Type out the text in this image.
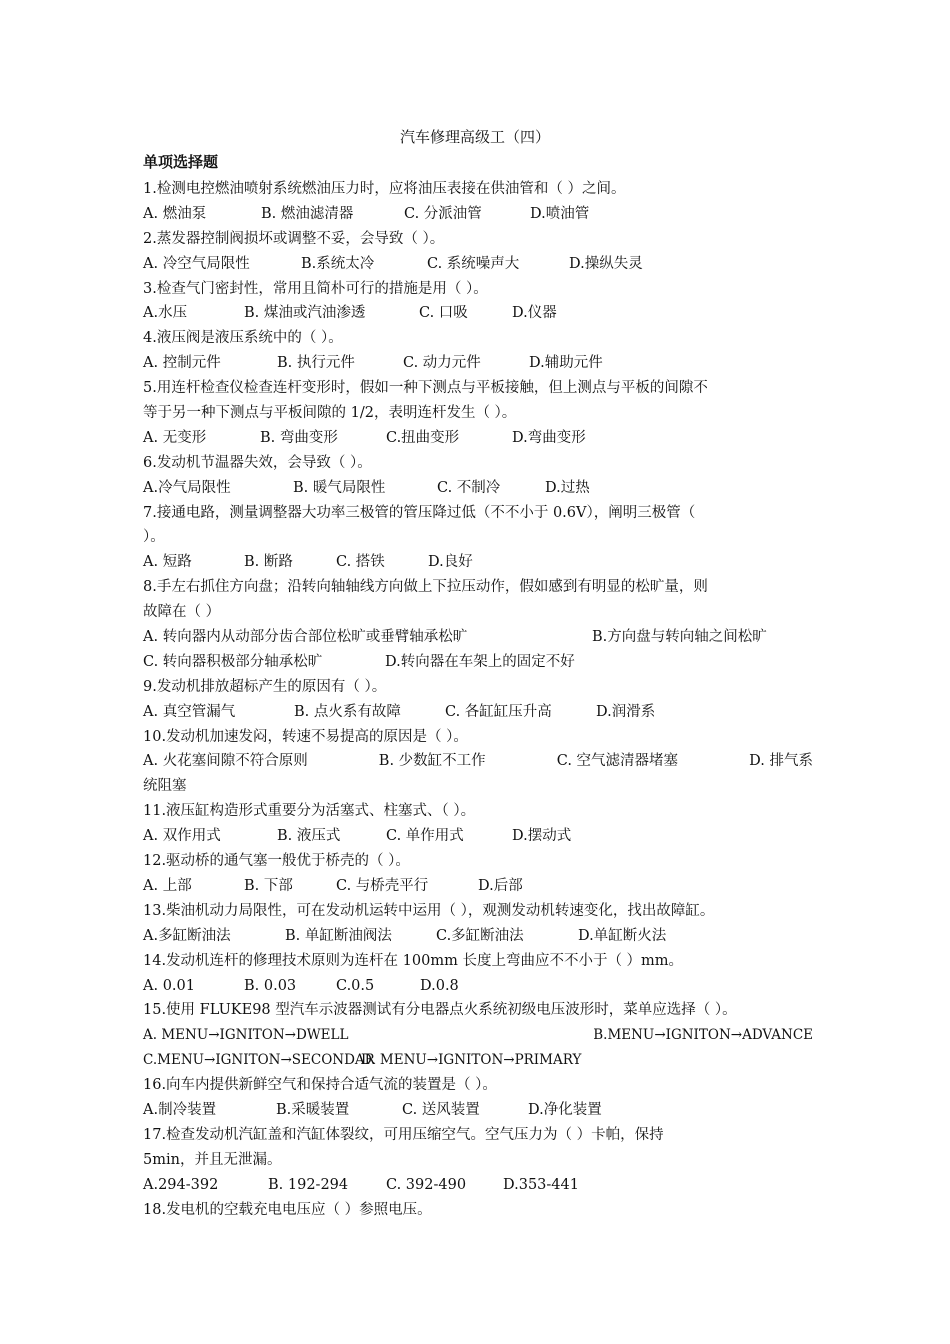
汽车修理高级工（四）
单项选择题
1.检测电控燃油喷射系统燃油压力时，应将油压表接在供油管和（ ）之间。
A. 燃油泵	B. 燃油滤清器	C. 分派油管	D.喷油管
2.蒸发器控制阀损坏或调整不妥，会导致（ ）。
A. 冷空气局限性	B.系统太冷	C. 系统噪声大	D.操纵失灵
3.检查气门密封性，常用且简朴可行的措施是用（ ）。
A.水压	B. 煤油或汽油渗透	C. 口吸	D.仪器
4.液压阀是液压系统中的（ ）。
A. 控制元件	B. 执行元件	C. 动力元件	D.辅助元件
5.用连杆检查仪检查连杆变形时，假如一种下测点与平板接触，但上测点与平板的间隙不
等于另一种下测点与平板间隙的 1/2，表明连杆发生（ ）。
A. 无变形	B. 弯曲变形	C.扭曲变形	D.弯曲变形
6.发动机节温器失效，会导致（ ）。
A.冷气局限性	B. 暖气局限性	C. 不制冷	D.过热
7.接通电路，测量调整器大功率三极管的管压降过低（不不小于 0.6V），阐明三极管（
）。
A. 短路	B. 断路	C. 搭铁	D.良好
8.手左右抓住方向盘；沿转向轴轴线方向做上下拉压动作，假如感到有明显的松旷量，则
故障在（ ）
A. 转向器内从动部分齿合部位松旷或垂臂轴承松旷	B.方向盘与转向轴之间松旷
C. 转向器积极部分轴承松旷	D.转向器在车架上的固定不好
9.发动机排放超标产生的原因有（ ）。
A. 真空管漏气	B. 点火系有故障	C. 各缸缸压升高	D.润滑系
10.发动机加速发闷，转速不易提高的原因是（ ）。
A. 火花塞间隙不符合原则	B. 少数缸不工作	C. 空气滤清器堵塞	D. 排气系
统阻塞
11.液压缸构造形式重要分为活塞式、柱塞式、（ ）。
A. 双作用式	B. 液压式	C. 单作用式	D.摆动式
12.驱动桥的通气塞一般优于桥壳的（ ）。
A. 上部	B. 下部	C. 与桥壳平行	D.后部
13.柴油机动力局限性，可在发动机运转中运用（ ），观测发动机转速变化，找出故障缸。
A.多缸断油法	B. 单缸断油阀法	C.多缸断油法	D.单缸断火法
14.发动机连杆的修理技术原则为连杆在 100mm 长度上弯曲应不不小于（ ）mm。
A. 0.01	B. 0.03	C.0.5	D.0.8
15.使用 FLUKE98 型汽车示波器测试有分电器点火系统初级电压波形时，菜单应选择（ ）。
A. MENU→IGNITON→DWELL	B.MENU→IGNITON→ADVANCE
C.MENU→IGNITON→SECONDAR
D. MENU→IGNITON→PRIMARY
16.向车内提供新鲜空气和保持合适气流的装置是（ ）。
A.制冷装置	B.采暖装置	C. 送风装置	D.净化装置
17.检查发动机汽缸盖和汽缸体裂纹，可用压缩空气。空气压力为（ ）卡帕，保持
5min，并且无泄漏。
A.294-392	B. 192-294	C. 392-490	D.353-441
18.发电机的空载充电电压应（ ）参照电压。
